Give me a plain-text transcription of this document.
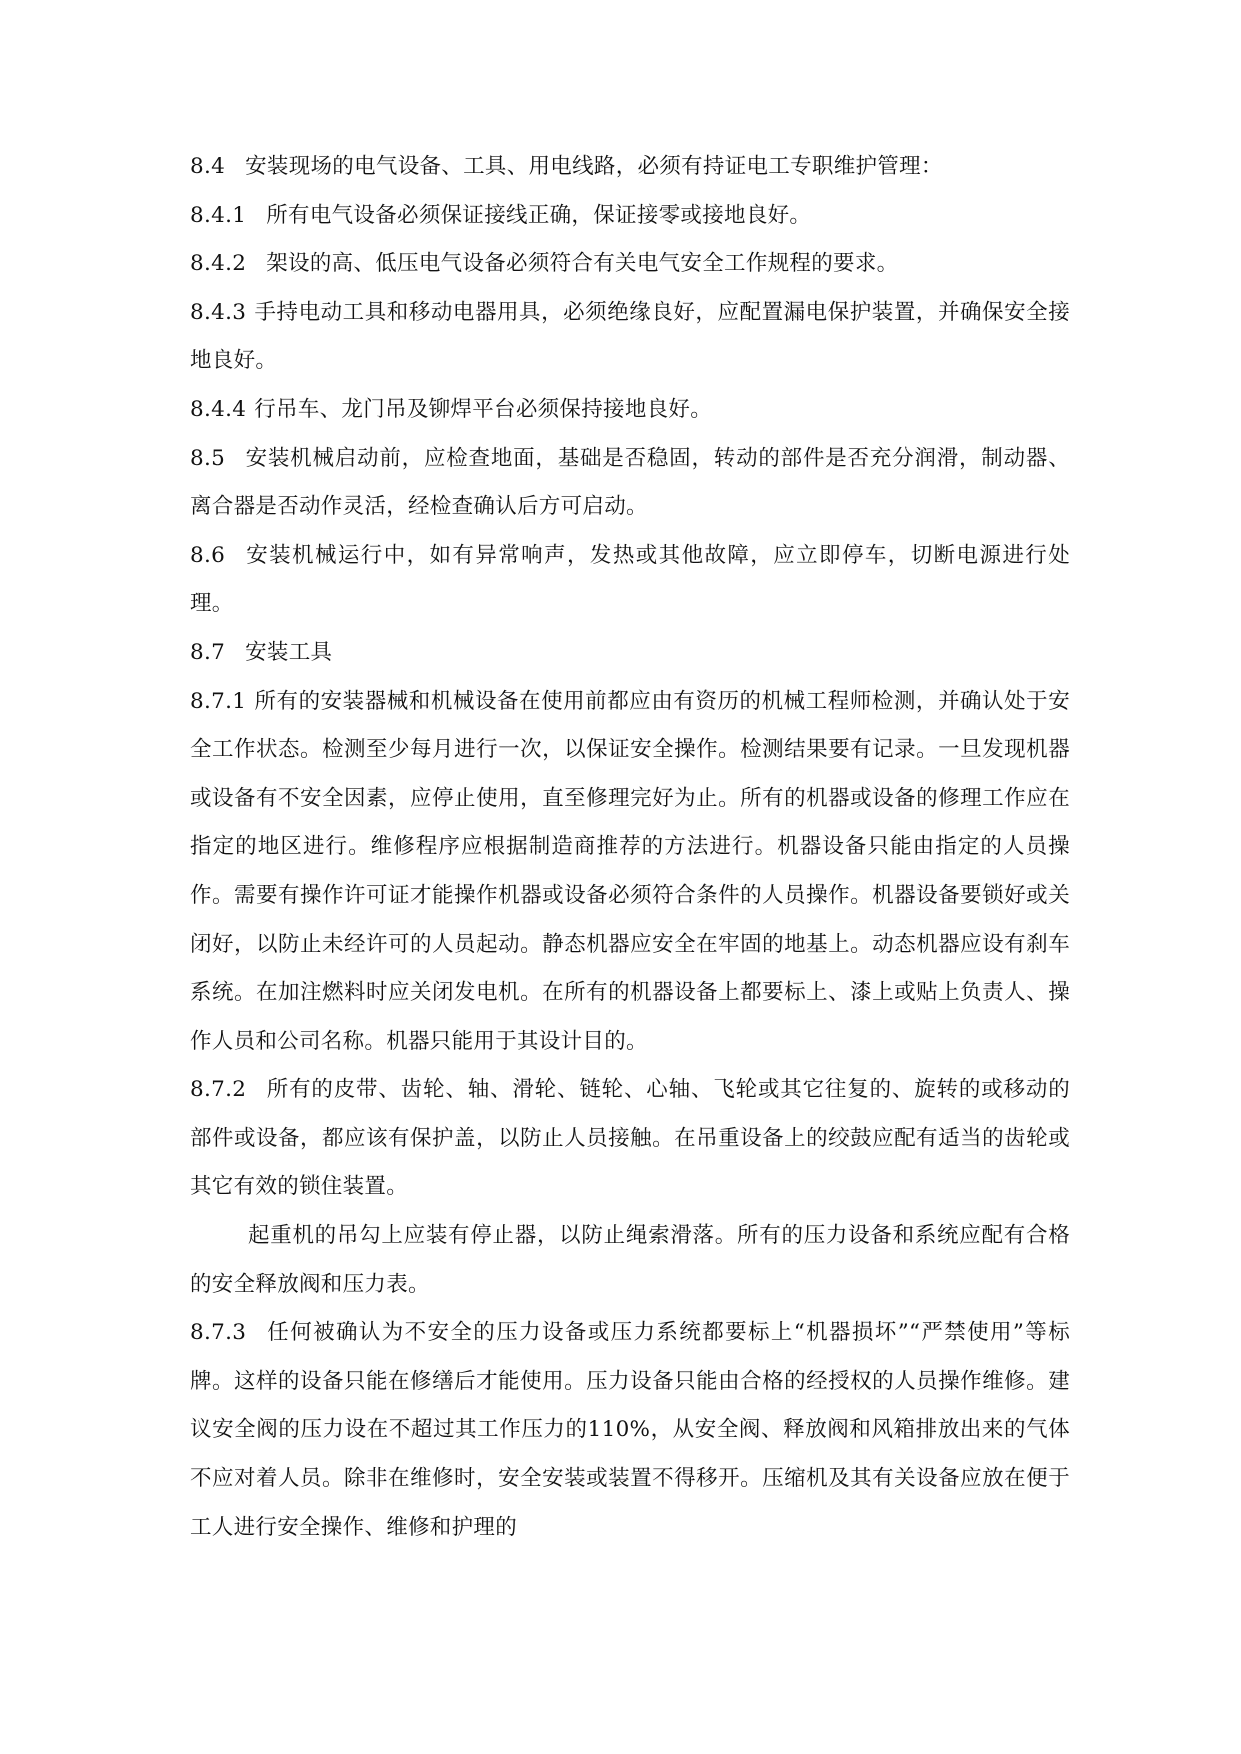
8.4 安装现场的电气设备、工具、用电线路，必须有持证电工专职维护管理：

8.4.1 所有电气设备必须保证接线正确，保证接零或接地良好。

8.4.2 架设的高、低压电气设备必须符合有关电气安全工作规程的要求。

8.4.3 手持电动工具和移动电器用具，必须绝缘良好，应配置漏电保护装置，并确保安全接地良好。

8.4.4 行吊车、龙门吊及铆焊平台必须保持接地良好。

8.5 安装机械启动前，应检查地面，基础是否稳固，转动的部件是否充分润滑，制动器、离合器是否动作灵活，经检查确认后方可启动。

8.6 安装机械运行中，如有异常响声，发热或其他故障，应立即停车，切断电源进行处理。

8.7 安装工具

8.7.1 所有的安装器械和机械设备在使用前都应由有资历的机械工程师检测，并确认处于安全工作状态。检测至少每月进行一次，以保证安全操作。检测结果要有记录。一旦发现机器或设备有不安全因素，应停止使用，直至修理完好为止。所有的机器或设备的修理工作应在指定的地区进行。维修程序应根据制造商推荐的方法进行。机器设备只能由指定的人员操作。需要有操作许可证才能操作机器或设备必须符合条件的人员操作。机器设备要锁好或关闭好，以防止未经许可的人员起动。静态机器应安全在牢固的地基上。动态机器应设有刹车系统。在加注燃料时应关闭发电机。在所有的机器设备上都要标上、漆上或贴上负责人、操作人员和公司名称。机器只能用于其设计目的。

8.7.2 所有的皮带、齿轮、轴、滑轮、链轮、心轴、飞轮或其它往复的、旋转的或移动的部件或设备，都应该有保护盖，以防止人员接触。在吊重设备上的绞鼓应配有适当的齿轮或其它有效的锁住装置。

起重机的吊勾上应装有停止器，以防止绳索滑落。所有的压力设备和系统应配有合格的安全释放阀和压力表。

8.7.3 任何被确认为不安全的压力设备或压力系统都要标上“机器损坏”“严禁使用”等标牌。这样的设备只能在修缮后才能使用。压力设备只能由合格的经授权的人员操作维修。建议安全阀的压力设在不超过其工作压力的110%，从安全阀、释放阀和风箱排放出来的气体不应对着人员。除非在维修时，安全安装或装置不得移开。压缩机及其有关设备应放在便于工人进行安全操作、维修和护理的
